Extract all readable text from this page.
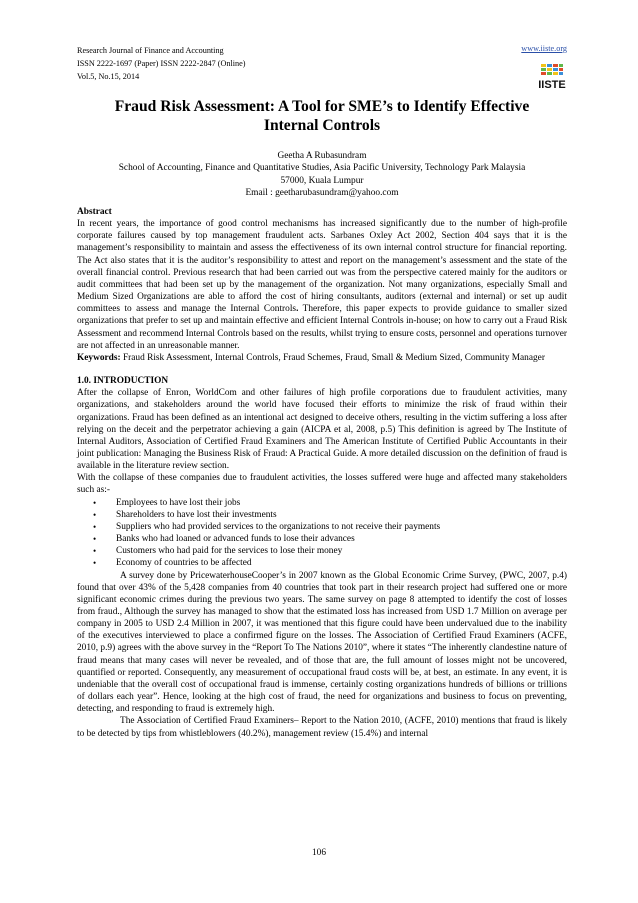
Research Journal of Finance and Accounting
ISSN 2222-1697 (Paper) ISSN 2222-2847 (Online)
Vol.5, No.15, 2014
www.iiste.org
IISTE
Fraud Risk Assessment: A Tool for SME’s to Identify Effective
Internal Controls
Geetha A Rubasundram
School of Accounting, Finance and Quantitative Studies, Asia Pacific University, Technology Park Malaysia
57000, Kuala Lumpur
Email : geetharubasundram@yahoo.com

Abstract

In recent years, the importance of good control mechanisms has increased significantly due to the number of high-profile corporate failures caused by top management fraudulent acts. Sarbanes Oxley Act 2002, Section 404 says that it is the management’s responsibility to maintain and assess the effectiveness of its own internal control structure for financial reporting. The Act also states that it is the auditor’s responsibility to attest and report on the management’s assessment and the state of the overall financial control. Previous research that had been carried out was from the perspective catered mainly for the auditors or audit committees that had been set up by the management of the organization. Not many organizations, especially Small and Medium Sized Organizations are able to afford the cost of hiring consultants, auditors (external and internal) or set up audit committees to assess and manage the Internal Controls. Therefore, this paper expects to provide guidance to smaller sized organizations that prefer to set up and maintain effective and efficient Internal Controls in-house; on how to carry out a Fraud Risk Assessment and recommend Internal Controls based on the results, whilst trying to ensure costs, personnel and operations turnover are not affected in an unreasonable manner.

Keywords: Fraud Risk Assessment, Internal Controls, Fraud Schemes, Fraud, Small & Medium Sized, Community Manager

1.0. INTRODUCTION

After the collapse of Enron, WorldCom and other failures of high profile corporations due to fraudulent activities, many organizations, and stakeholders around the world have focused their efforts to minimize the risk of fraud within their organizations. Fraud has been defined as an intentional act designed to deceive others, resulting in the victim suffering a loss after relying on the deceit and the perpetrator achieving a gain (AICPA et al, 2008, p.5) This definition is agreed by The Institute of Internal Auditors, Association of Certified Fraud Examiners and The American Institute of Certified Public Accountants in their joint publication: Managing the Business Risk of Fraud: A Practical Guide. A more detailed discussion on the definition of fraud is available in the literature review section.

With the collapse of these companies due to fraudulent activities, the losses suffered were huge and affected many stakeholders such as:-

• Employees to have lost their jobs
• Shareholders to have lost their investments
• Suppliers who had provided services to the organizations to not receive their payments
• Banks who had loaned or advanced funds to lose their advances
• Customers who had paid for the services to lose their money
• Economy of countries to be affected

A survey done by PricewaterhouseCooper’s in 2007 known as the Global Economic Crime Survey, (PWC, 2007, p.4) found that over 43% of the 5,428 companies from 40 countries that took part in their research project had suffered one or more significant economic crimes during the previous two years. The same survey on page 8 attempted to identify the cost of losses from fraud., Although the survey has managed to show that the estimated loss has increased from USD 1.7 Million on average per company in 2005 to USD 2.4 Million in 2007, it was mentioned that this figure could have been undervalued due to the inability of the executives interviewed to place a confirmed figure on the losses. The Association of Certified Fraud Examiners (ACFE, 2010, p.9) agrees with the above survey in the “Report To The Nations 2010”, where it states “The inherently clandestine nature of fraud means that many cases will never be revealed, and of those that are, the full amount of losses might not be uncovered, quantified or reported. Consequently, any measurement of occupational fraud costs will be, at best, an estimate. In any event, it is undeniable that the overall cost of occupational fraud is immense, certainly costing organizations hundreds of billions or trillions of dollars each year”. Hence, looking at the high cost of fraud, the need for organizations and business to focus on preventing, detecting, and responding to fraud is extremely high.

The Association of Certified Fraud Examiners– Report to the Nation 2010, (ACFE, 2010) mentions that fraud is likely to be detected by tips from whistleblowers (40.2%), management review (15.4%) and internal

106
